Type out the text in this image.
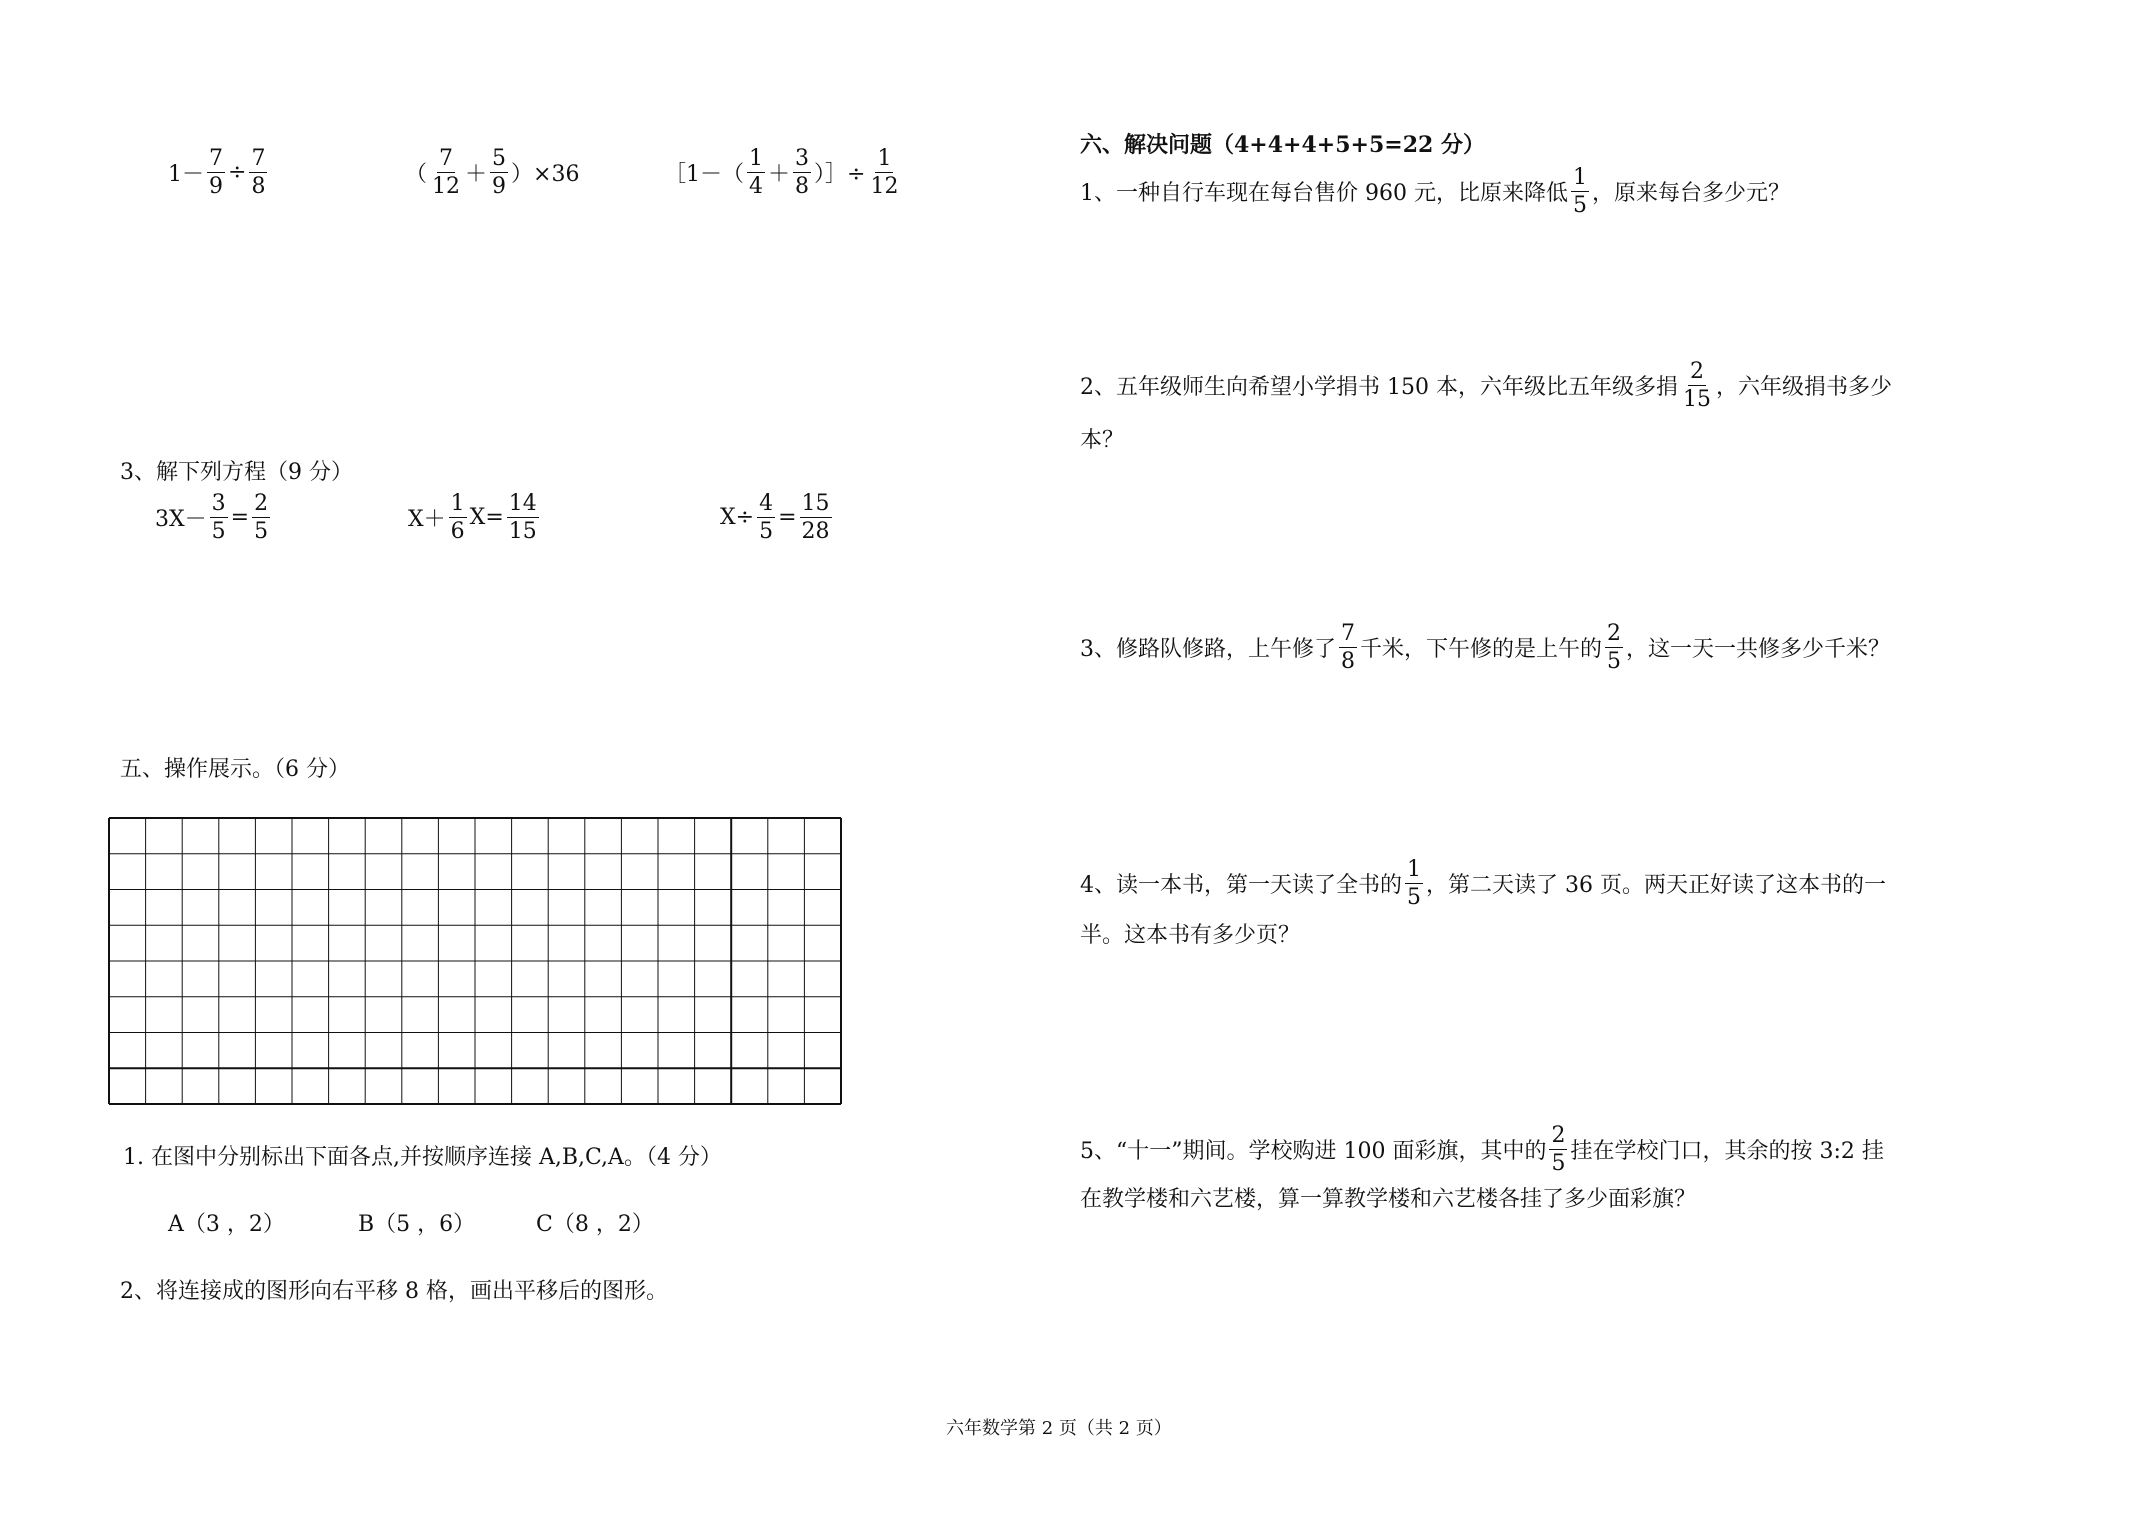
$1- \frac{7}{9} \div \frac{7}{8}$	（ $\frac{7}{12} + \frac{5}{9} )\times 36$	［1－（ $\frac{1}{4} + \frac{3}{8}$ ）］÷ $\frac{1}{12}$
3、解下列方程（9 分）
$3X- \frac{3}{5} = \frac{2}{5}$	$X+ \frac{1}{6} X= \frac{14}{15}$	$X\div \frac{4}{5} = \frac{15}{28}$
五、操作展示。（6 分）
1. 在图中分别标出下面各点,并按顺序连接 A,B,C,A。（4 分）
A（3 ，2）	B（5 ，6）	C（8 ，2）
2、将连接成的图形向右平移 8 格，画出平移后的图形。
六、解决问题（4+4+4+5+5=22 分）
1、一种自行车现在每台售价 960 元，比原来降低 $\frac{1}{5}$ ，原来每台多少元？
2、五年级师生向希望小学捐书 150 本，六年级比五年级多捐 $\frac{2}{15}$ ，六年级捐书多少
本？
3、修路队修路，上午修了 $\frac{7}{8}$ 千米，下午修的是上午的 $\frac{2}{5}$ ，这一天一共修多少千米？
4、读一本书，第一天读了全书的 $\frac{1}{5}$ ，第二天读了 36 页。两天正好读了这本书的一
半。这本书有多少页？
5、“十一”期间。学校购进 100 面彩旗，其中的 $\frac{2}{5}$ 挂在学校门口，其余的按 3:2 挂
在教学楼和六艺楼，算一算教学楼和六艺楼各挂了多少面彩旗？
六年数学第 2 页（共 2 页）
